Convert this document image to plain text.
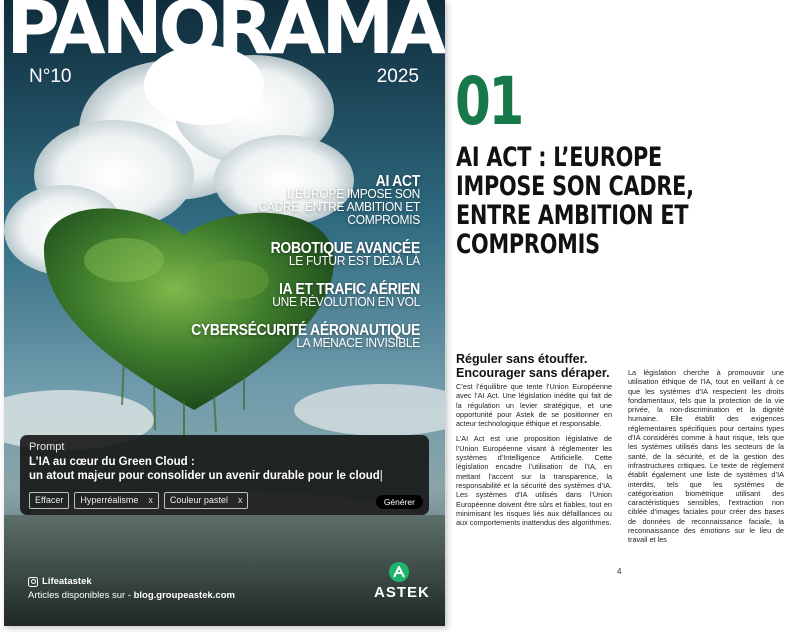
PANORAMA
N°10	2025
AI ACT
L’EUROPE IMPOSE SON
CADRE, ENTRE AMBITION ET
COMPROMIS
ROBOTIQUE AVANCÉE
LE FUTUR EST DÉJÀ LÀ
IA ET TRAFIC AÉRIEN
UNE RÉVOLUTION EN VOL
CYBERSÉCURITÉ AÉRONAUTIQUE
LA MENACE INVISIBLE
Prompt
L’IA au cœur du Green Cloud :
un atout majeur pour consolider un avenir durable pour le cloud|
Effacer Hyperréalisme x Couleur pastel x	Générer
Lifeatastek
Articles disponibles sur - blog.groupeastek.com	ASTEK
01
AI ACT : L’EUROPE IMPOSE SON CADRE, ENTRE AMBITION ET COMPROMIS
Réguler sans étouffer.
Encourager sans déraper.

C’est l’équilibre que tente l’Union Européenne avec l’AI Act. Une législation inédite qui fait de la régulation un levier stratégique, et une opportunité pour Astek de se positionner en acteur technologique éthique et responsable.

L’AI Act est une proposition législative de l’Union Européenne visant à réglementer les systèmes d’Intelligence Artificielle. Cette législation encadre l’utilisation de l’IA, en mettant l’accent sur la transparence, la responsabilité et la sécurité des systèmes d’IA. Les systèmes d’IA utilisés dans l’Union Européenne doivent être sûrs et fiables, tout en minimisant les risques liés aux défaillances ou aux comportements inattendus des algorithmes.

La législation cherche à promouvoir une utilisation éthique de l’IA, tout en veillant à ce que les systèmes d’IA respectent les droits fondamentaux, tels que la protection de la vie privée, la non-discrimination et la dignité humaine. Elle établit des exigences réglementaires spécifiques pour certains types d’IA considérés comme à haut risque, tels que les systèmes utilisés dans les secteurs de la santé, de la sécurité, et de la gestion des infrastructures critiques. Le texte de règlement établit également une liste de systèmes d’IA interdits, tels que les systèmes de catégorisation biométrique utilisant des caractéristiques sensibles, l’extraction non ciblée d’images faciales pour créer des bases de données de reconnaissance faciale, la reconnaissance des émotions sur le lieu de travail et les

4
